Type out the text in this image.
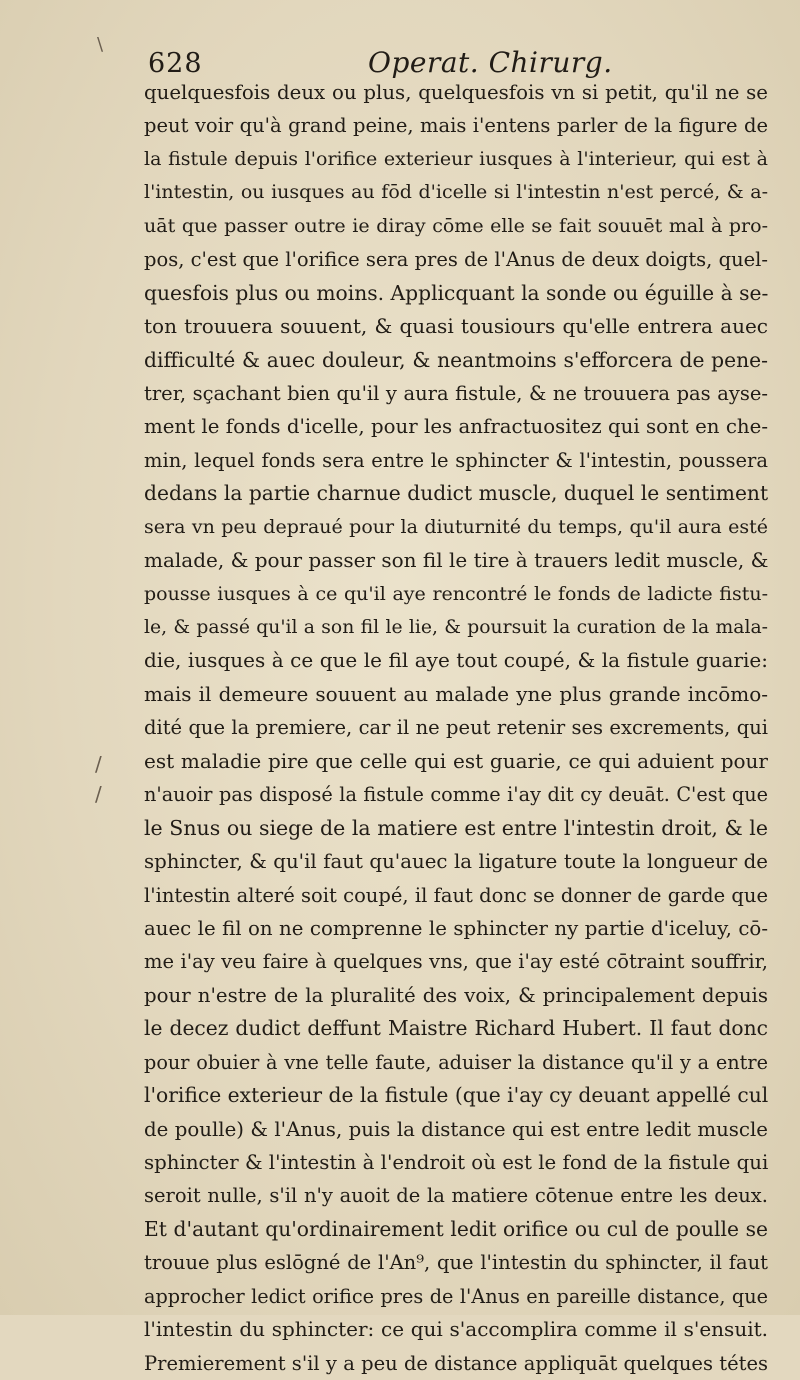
\
/
/
628	Operat. Chirurg.
quelquesfois deux ou plus, quelquesfois vn si petit, qu'il ne se
peut voir qu'à grand peine, mais i'entens parler de la figure de
la fistule depuis l'orifice exterieur iusques à l'interieur, qui est à
l'intestin, ou iusques au fōd d'icelle si l'intestin n'est percé, & a-
uāt que passer outre ie diray cōme elle se fait souuēt mal à pro-
pos, c'est que l'orifice sera pres de l'Anus de deux doigts, quel-
quesfois plus ou moins. Applicquant la sonde ou éguille à se-
ton trouuera souuent, & quasi tousiours qu'elle entrera auec
difficulté & auec douleur, & neantmoins s'efforcera de pene-
trer, sçachant bien qu'il y aura fistule, & ne trouuera pas ayse-
ment le fonds d'icelle, pour les anfractuositez qui sont en che-
min, lequel fonds sera entre le sphincter & l'intestin, poussera
dedans la partie charnue dudict muscle, duquel le sentiment
sera vn peu depraué pour la diuturnité du temps, qu'il aura esté
malade, & pour passer son fil le tire à trauers ledit muscle, &
pousse iusques à ce qu'il aye rencontré le fonds de ladicte fistu-
le, & passé qu'il a son fil le lie, & poursuit la curation de la mala-
die, iusques à ce que le fil aye tout coupé, & la fistule guarie:
mais il demeure souuent au malade yne plus grande incōmo-
dité que la premiere, car il ne peut retenir ses excrements, qui
est maladie pire que celle qui est guarie, ce qui aduient pour
n'auoir pas disposé la fistule comme i'ay dit cy deuāt. C'est que
le Snus ou siege de la matiere est entre l'intestin droit, & le
sphincter, & qu'il faut qu'auec la ligature toute la longueur de
l'intestin alteré soit coupé, il faut donc se donner de garde que
auec le fil on ne comprenne le sphincter ny partie d'iceluy, cō-
me i'ay veu faire à quelques vns, que i'ay esté cōtraint souffrir,
pour n'estre de la pluralité des voix, & principalement depuis
le decez dudict deffunt Maistre Richard Hubert. Il faut donc
pour obuier à vne telle faute, aduiser la distance qu'il y a entre
l'orifice exterieur de la fistule (que i'ay cy deuant appellé cul
de poulle) & l'Anus, puis la distance qui est entre ledit muscle
sphincter & l'intestin à l'endroit où est le fond de la fistule qui
seroit nulle, s'il n'y auoit de la matiere cōtenue entre les deux.
Et d'autant qu'ordinairement ledit orifice ou cul de poulle se
trouue plus eslōgné de l'An⁹, que l'intestin du sphincter, il faut
approcher ledict orifice pres de l'Anus en pareille distance, que
l'intestin du sphincter: ce qui s'accomplira comme il s'ensuit.
Premierement s'il y a peu de distance appliquāt quelques tétes
